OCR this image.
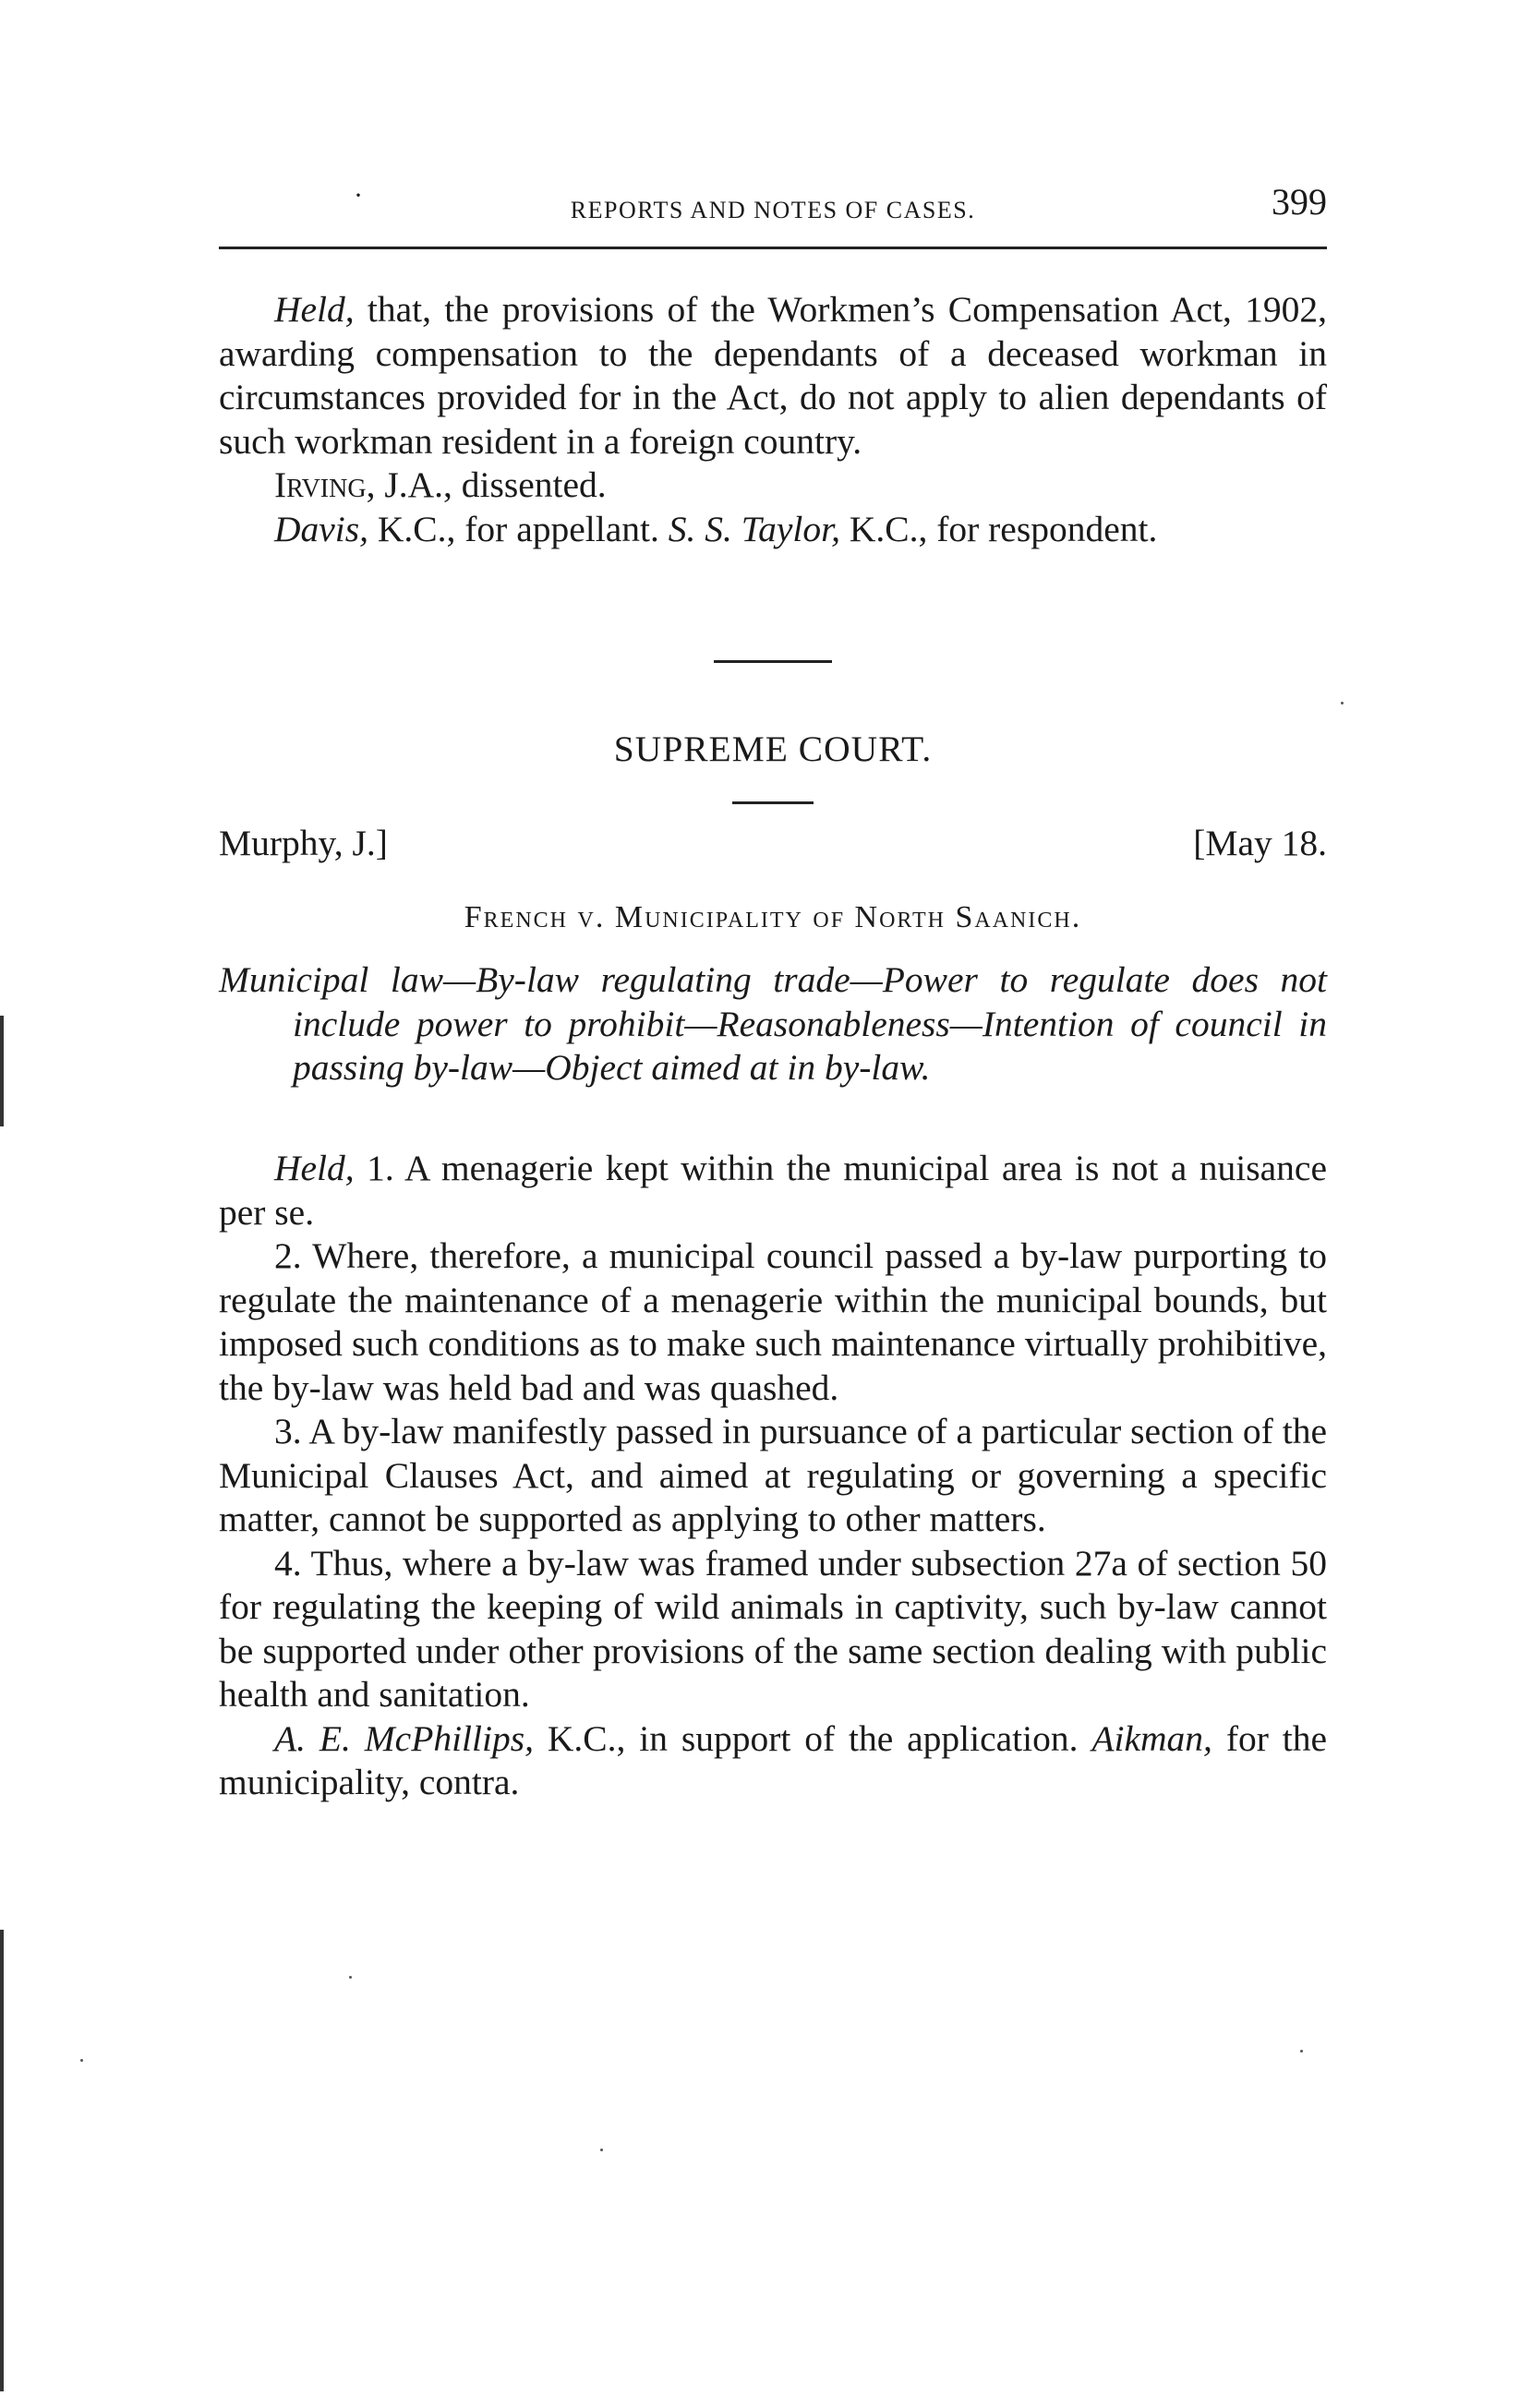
·	REPORTS AND NOTES OF CASES.	399

Held, that, the provisions of the Workmen’s Compensation Act, 1902, awarding compensation to the dependants of a deceased workman in circumstances provided for in the Act, do not apply to alien dependants of such workman resident in a foreign country.

Irving, J.A., dissented.

Davis, K.C., for appellant. S. S. Taylor, K.C., for respondent.

SUPREME COURT.
Murphy, J.]	[May 18.
French v. Municipality of North Saanich.
Municipal law—By-law regulating trade—Power to regulate does not include power to prohibit—Reasonableness—Intention of council in passing by-law—Object aimed at in by-law.

Held, 1. A menagerie kept within the municipal area is not a nuisance per se.

2. Where, therefore, a municipal council passed a by-law purporting to regulate the maintenance of a menagerie within the municipal bounds, but imposed such conditions as to make such maintenance virtually prohibitive, the by-law was held bad and was quashed.

3. A by-law manifestly passed in pursuance of a particular section of the Municipal Clauses Act, and aimed at regulating or governing a specific matter, cannot be supported as applying to other matters.

4. Thus, where a by-law was framed under subsection 27a of section 50 for regulating the keeping of wild animals in captivity, such by-law cannot be supported under other provisions of the same section dealing with public health and sanitation.

A. E. McPhillips, K.C., in support of the application. Aikman, for the municipality, contra.
